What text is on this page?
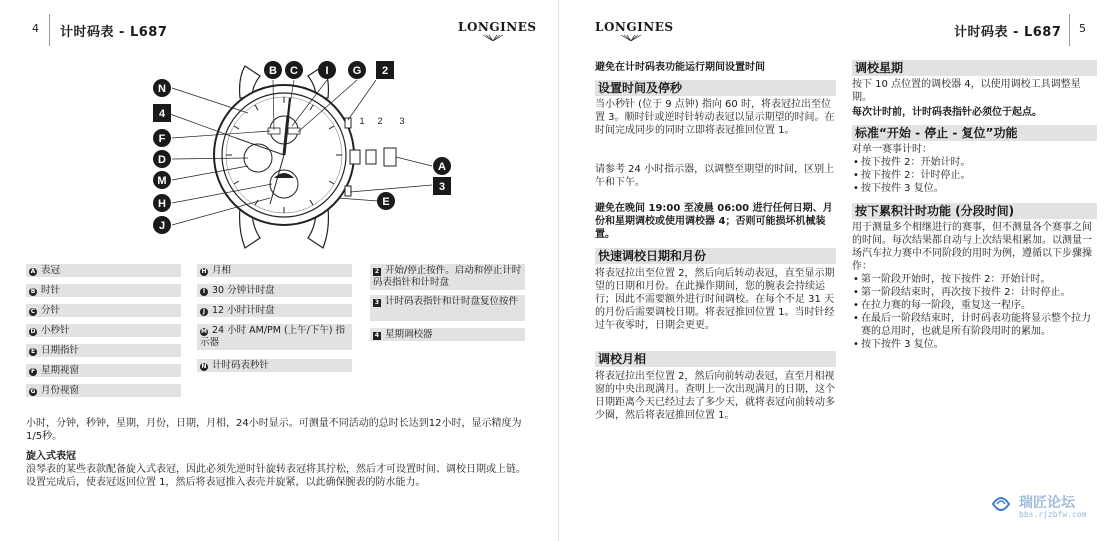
4 计时码表 - L687	LONGINES
B C I G 2
N
4
F
D
M
H
J
A
3
E
1 2 3
A 表冠
B 时针
C 分针
D 小秒针
E 日期指针
F 星期视窗
G 月份视窗
H 月相
I 30 分钟计时盘
J 12 小时计时盘
M 24 小时 AM/PM (上午/下午) 指示器
N 计时码表秒针
2 开始/停止按件。启动和停止计时码表指针和计时盘
3 计时码表指针和计时盘复位按件
4 星期调校器
小时，分钟，秒钟，星期，月份，日期，月相，24小时显示。可测量不同活动的总时长达到12小时，显示精度为1/5秒。
旋入式表冠
浪琴表的某些表款配备旋入式表冠，因此必须先逆时针旋转表冠将其拧松，然后才可设置时间、调校日期或上链。设置完成后，使表冠返回位置 1，然后将表冠推入表壳并旋紧，以此确保腕表的防水能力。
LONGINES	计时码表 - L687 5
避免在计时码表功能运行期间设置时间
设置时间及停秒
当小秒针 (位于 9 点钟) 指向 60 时，将表冠拉出至位置 3。顺时针或逆时针转动表冠以显示期望的时间。在时间完成同步的同时立即将表冠推回位置 1。
请参考 24 小时指示器，以调整至期望的时间，区别上午和下午。
避免在晚间 19:00 至凌晨 06:00 进行任何日期、月份和星期调校或使用调校器 4；否则可能损坏机械装置。
快速调校日期和月份
将表冠拉出至位置 2，然后向后转动表冠，直至显示期望的日期和月份。在此操作期间，您的腕表会持续运行；因此不需要额外进行时间调校。在每个不足 31 天的月份后需要调校日期。将表冠推回位置 1。当时针经过午夜零时，日期会更更。
调校月相
将表冠拉出至位置 2，然后向前转动表冠，直至月相视窗的中央出现满月。查明上一次出现满月的日期，这个日期距离今天已经过去了多少天，就将表冠向前转动多少圈，然后将表冠推回位置 1。
调校星期
按下 10 点位置的调校器 4，以使用调校工具调整星期。
每次计时前，计时码表指针必须位于起点。
标准“开始 - 停止 - 复位”功能
对单一赛事计时：
• 按下按件 2：开始计时。
• 按下按件 2：计时停止。
• 按下按件 3 复位。
按下累积计时功能 (分段时间)
用于测量多个相继进行的赛事，但不测量各个赛事之间的时间。每次结果都自动与上次结果相累加。以测量一场汽车拉力赛中不同阶段的用时为例，遵循以下步骤操作：
• 第一阶段开始时，按下按件 2：开始计时。
• 第一阶段结束时，再次按下按件 2：计时停止。
• 在拉力赛的每一阶段，重复这一程序。
• 在最后一阶段结束时，计时码表功能将显示整个拉力赛的总用时，也就是所有阶段用时的累加。
• 按下按件 3 复位。
瑞匠论坛
bbs.rjzbfw.com
